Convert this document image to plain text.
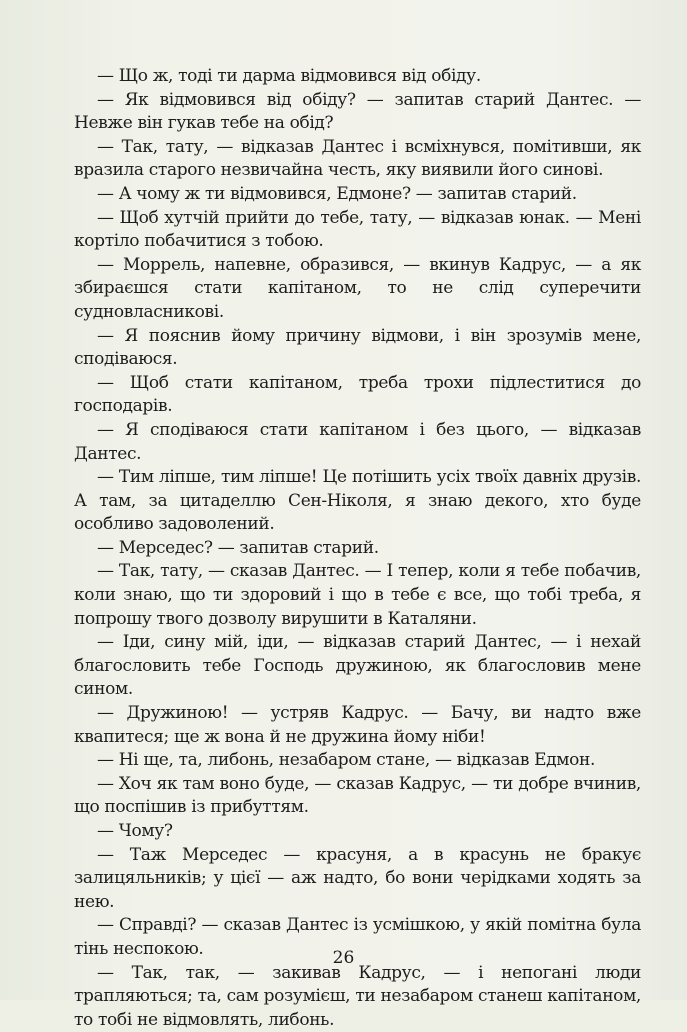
— Що ж, тоді ти дарма відмовився від обіду.

— Як відмовився від обіду? — запитав старий Дантес. — Невже він гукав тебе на обід?

— Так, тату, — відказав Дантес і всміхнувся, помітивши, як вразила старого незвичайна честь, яку виявили його синові.

— А чому ж ти відмовився, Едмоне? — запитав старий.

— Щоб хутчій прийти до тебе, тату, — відказав юнак. — Мені кортіло побачитися з тобою.

— Моррель, напевне, образився, — вкинув Кадрус, — а як збираєшся стати капітаном, то не слід суперечити судновласникові.

— Я пояснив йому причину відмови, і він зрозумів мене, сподіваюся.

— Щоб стати капітаном, треба трохи підлеститися до господарів.

— Я сподіваюся стати капітаном і без цього, — відказав Дантес.

— Тим ліпше, тим ліпше! Це потішить усіх твоїх давніх друзів. А там, за цитаделлю Сен-Ніколя, я знаю декого, хто буде особливо задоволений.

— Мерседес? — запитав старий.

— Так, тату, — сказав Дантес. — І тепер, коли я тебе побачив, коли знаю, що ти здоровий і що в тебе є все, що тобі треба, я попрошу твого дозволу вирушити в Каталяни.

— Іди, сину мій, іди, — відказав старий Дантес, — і нехай благословить тебе Господь дружиною, як благословив мене сином.

— Дружиною! — устряв Кадрус. — Бачу, ви надто вже квапитеся; ще ж вона й не дружина йому ніби!

— Ні ще, та, либонь, незабаром стане, — відказав Едмон.

— Хоч як там воно буде, — сказав Кадрус, — ти добре вчинив, що поспішив із прибуттям.

— Чому?

— Таж Мерседес — красуня, а в красунь не бракує залицяльників; у цієї — аж надто, бо вони черідками ходять за нею.

— Справді? — сказав Дантес із усмішкою, у якій помітна була тінь неспокою.

— Так, так, — закивав Кадрус, — і непогані люди трапляються; та, сам розумієш, ти незабаром станеш капітаном, то тобі не відмовлять, либонь.

26
